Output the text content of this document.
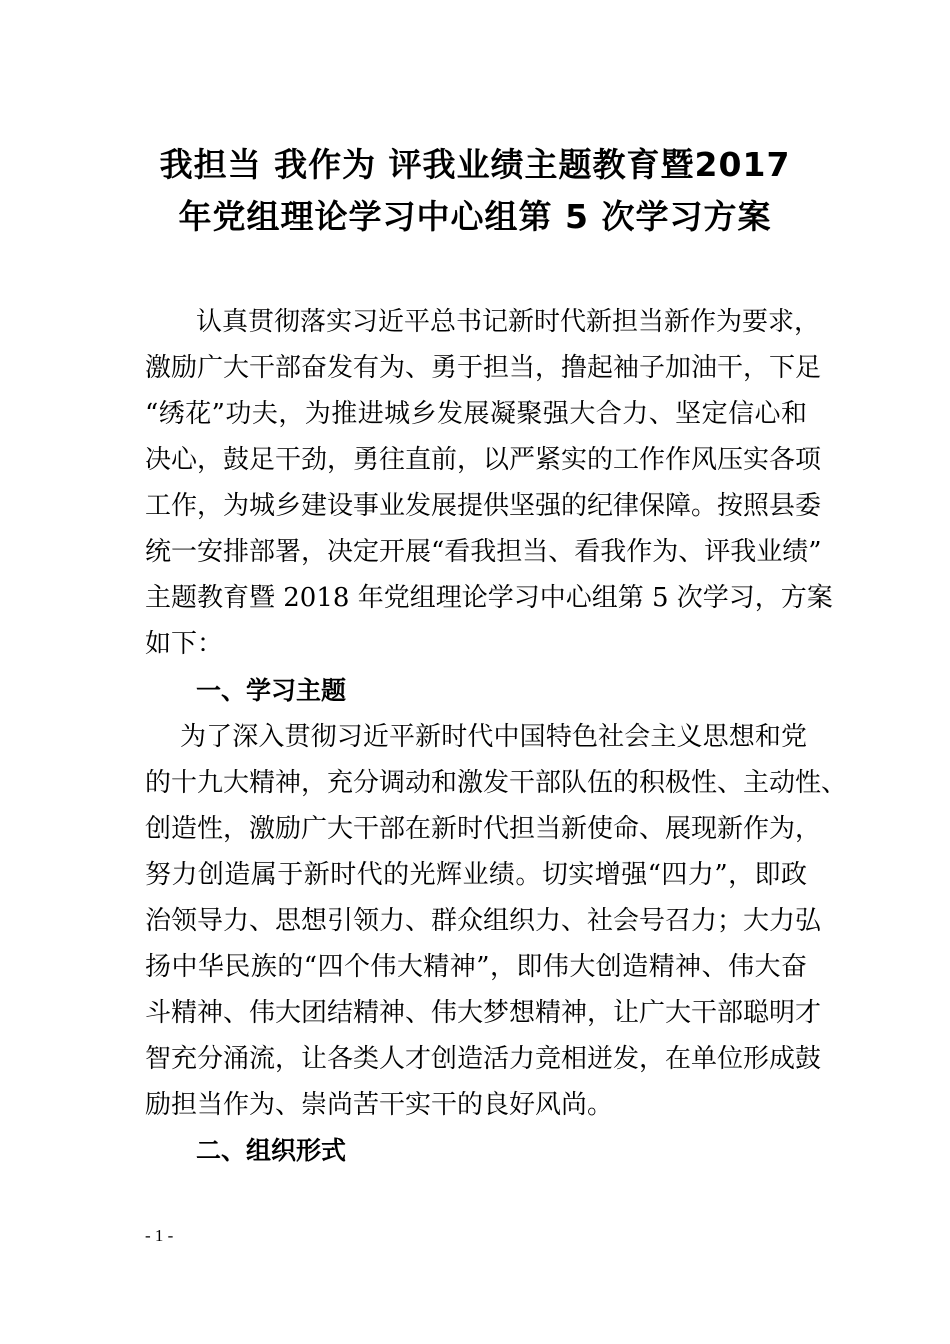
我担当 我作为 评我业绩主题教育暨2017
年党组理论学习中心组第 5 次学习方案
认真贯彻落实习近平总书记新时代新担当新作为要求，
激励广大干部奋发有为、勇于担当，撸起袖子加油干，下足
“绣花”功夫，为推进城乡发展凝聚强大合力、坚定信心和
决心，鼓足干劲，勇往直前，以严紧实的工作作风压实各项
工作，为城乡建设事业发展提供坚强的纪律保障。按照县委
统一安排部署，决定开展“看我担当、看我作为、评我业绩”
主题教育暨 2018 年党组理论学习中心组第 5 次学习，方案
如下：
一、学习主题
为了深入贯彻习近平新时代中国特色社会主义思想和党
的十九大精神，充分调动和激发干部队伍的积极性、主动性、
创造性，激励广大干部在新时代担当新使命、展现新作为，
努力创造属于新时代的光辉业绩。切实增强“四力”，即政
治领导力、思想引领力、群众组织力、社会号召力；大力弘
扬中华民族的“四个伟大精神”，即伟大创造精神、伟大奋
斗精神、伟大团结精神、伟大梦想精神，让广大干部聪明才
智充分涌流，让各类人才创造活力竞相迸发，在单位形成鼓
励担当作为、崇尚苦干实干的良好风尚。
二、组织形式
- 1 -
